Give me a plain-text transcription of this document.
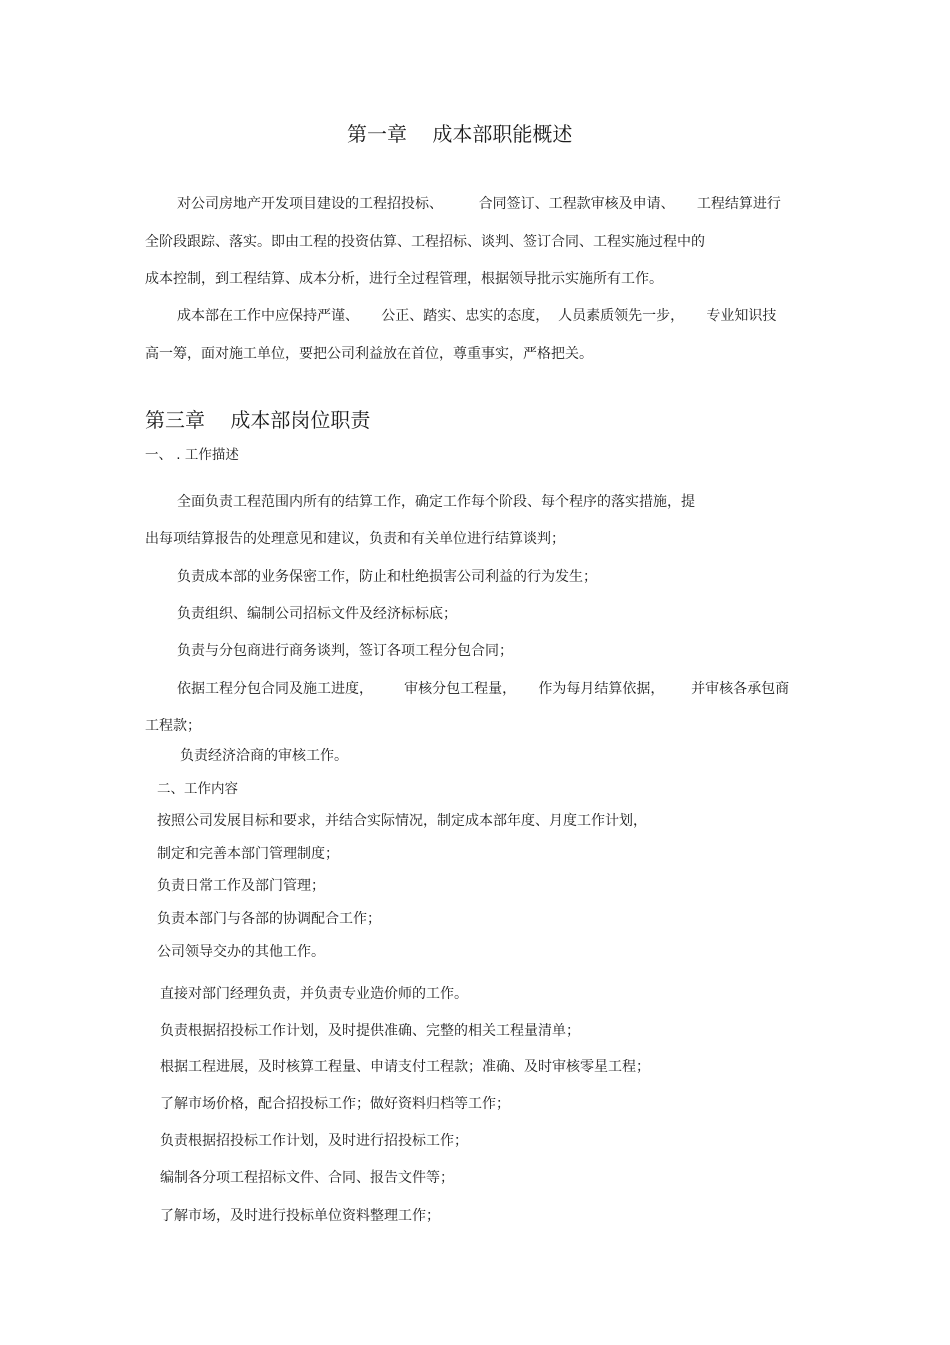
第一章    成本部职能概述
对公司房地产开发项目建设的工程招投标、        合同签订、工程款审核及申请、     工程结算进行
全阶段跟踪、落实。即由工程的投资估算、工程招标、谈判、签订合同、工程实施过程中的
成本控制，到工程结算、成本分析，进行全过程管理，根据领导批示实施所有工作。
成本部在工作中应保持严谨、     公正、踏实、忠实的态度，  人员素质领先一步，     专业知识技
高一筹，面对施工单位，要把公司利益放在首位，尊重事实，严格把关。
第三章    成本部岗位职责
一、 . 工作描述
全面负责工程范围内所有的结算工作，确定工作每个阶段、每个程序的落实措施，提
出每项结算报告的处理意见和建议，负责和有关单位进行结算谈判；
负责成本部的业务保密工作，防止和杜绝损害公司利益的行为发生；
负责组织、编制公司招标文件及经济标标底；
负责与分包商进行商务谈判，签订各项工程分包合同；
依据工程分包合同及施工进度，       审核分包工程量，     作为每月结算依据，      并审核各承包商
工程款；
负责经济洽商的审核工作。
二、工作内容
按照公司发展目标和要求，并结合实际情况，制定成本部年度、月度工作计划，
制定和完善本部门管理制度；
负责日常工作及部门管理；
负责本部门与各部的协调配合工作；
公司领导交办的其他工作。
直接对部门经理负责，并负责专业造价师的工作。
负责根据招投标工作计划，及时提供准确、完整的相关工程量清单；
根据工程进展，及时核算工程量、申请支付工程款；准确、及时审核零星工程；
了解市场价格，配合招投标工作；做好资料归档等工作；
负责根据招投标工作计划，及时进行招投标工作；
编制各分项工程招标文件、合同、报告文件等；
了解市场，及时进行投标单位资料整理工作；
